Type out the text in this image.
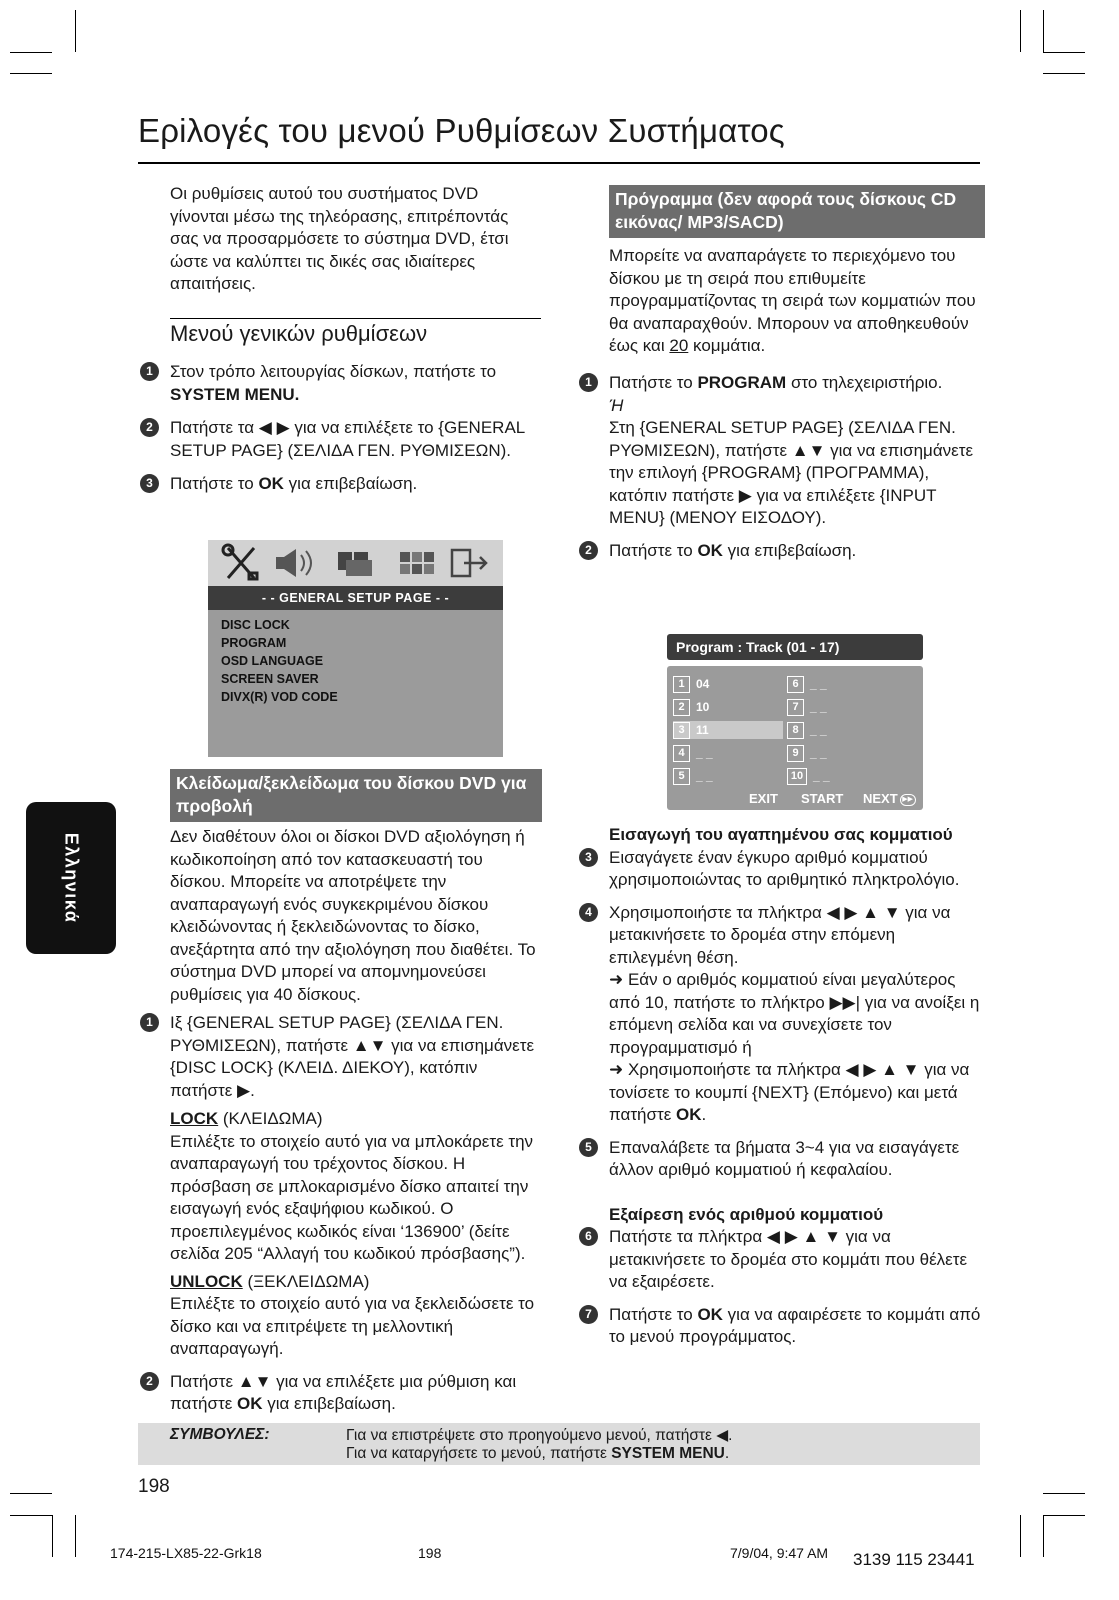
Ερiλογές του μενού Ρυθμίσεων Συστήματος
Οι ρυθμίσεις αυτού του συστήματος DVD γίνονται μέσω της τηλεόρασης, επιτρέποντάς σας να προσαρμόσετε το σύστημα DVD, έτσι ώστε να καλύπτει τις δικές σας ιδιαίτερες απαιτήσεις.
Μενού γενικών ρυθμίσεων
1	Στον τρόπο λειτουργίας δίσκων, πατήστε το SYSTEM MENU.
2	Πατήστε τα ◀ ▶ για να επιλέξετε το {GENERAL SETUP PAGE} (ΣΕΛΙΔΑ ΓΕΝ. ΡΥΘΜΙΣΕΩΝ).
3	Πατήστε το OK για επιβεβαίωση.
- - GENERAL SETUP PAGE - -
DISC LOCK
PROGRAM
OSD LANGUAGE
SCREEN SAVER
DIVX(R) VOD CODE
Κλείδωμα/ξεκλείδωμα του δίσκου DVD για προβολή
Δεν διαθέτουν όλοι οι δίσκοι DVD αξιολόγηση ή κωδικοποίηση από τον κατασκευαστή του δίσκου. Μπορείτε να αποτρέψετε την αναπαραγωγή ενός συγκεκριμένου δίσκου κλειδώνοντας ή ξεκλειδώνοντας το δίσκο, ανεξάρτητα από την αξιολόγηση που διαθέτει. Το σύστημα DVD μπορεί να απομνημονεύσει ρυθμίσεις για 40 δίσκους.
1	Ιξ {GENERAL SETUP PAGE} (ΣΕΛΙΔΑ ΓΕΝ. ΡΥΘΜΙΣΕΩΝ), πατήστε ▲▼ για να επισημάνετε {DISC LOCK} (ΚΛΕΙΔ. ΔΙΕΚΟΥ), κατόπιν πατήστε ▶.
LOCK (ΚΛΕΙΔΩΜΑ)
Επιλέξτε το στοιχείο αυτό για να μπλοκάρετε την αναπαραγωγή του τρέχοντος δίσκου. Η πρόσβαση σε μπλοκαρισμένο δίσκο απαιτεί την εισαγωγή ενός εξαψήφιου κωδικού. Ο προεπιλεγμένος κωδικός είναι ‘136900’ (δείτε σελίδα 205 “Αλλαγή του κωδικού πρόσβασης”).
UNLOCK (ΞΕΚΛΕΙΔΩΜΑ)
Επιλέξτε το στοιχείο αυτό για να ξεκλειδώσετε το δίσκο και να επιτρέψετε τη μελλοντική αναπαραγωγή.
2	Πατήστε ▲▼ για να επιλέξετε μια ρύθμιση και πατήστε OK για επιβεβαίωση.
Πρόγραμμα (δεν αφορά τους δίσκους CD εικόνας/ MP3/SACD)
Μπορείτε να αναπαράγετε το περιεχόμενο του δίσκου με τη σειρά που επιθυμείτε προγραμματίζοντας τη σειρά των κομματιών που θα αναπαραχθούν. Μπορουν να αποθηκευθούν έως και 20 κομμάτια.
1	Πατήστε το PROGRAM στο τηλεχειριστήριο.
Ή
Στη {GENERAL SETUP PAGE} (ΣΕΛΙΔΑ ΓΕΝ. ΡΥΘΜΙΣΕΩΝ), πατήστε ▲▼ για να επισημάνετε την επιλογή {PROGRAM} (ΠΡΟΓΡΑΜΜΑ), κατόπιν πατήστε ▶ για να επιλέξετε {INPUT MENU} (ΜΕΝΟΥ ΕΙΣΟΔΟΥ).
2	Πατήστε το OK για επιβεβαίωση.
Program : Track (01 - 17)
1 04
2 10
3 11
4 _ _
5 _ _
6 _ _
7 _ _
8 _ _
9 _ _
10 _ _
EXIT START NEXT ▶▶
Εισαγωγή του αγαπημένου σας κομματιού
3	Εισαγάγετε έναν έγκυρο αριθμό κομματιού χρησιμοποιώντας το αριθμητικό πληκτρολόγιο.
4	Χρησιμοποιήστε τα πλήκτρα ◀ ▶ ▲ ▼ για να μετακινήσετε το δρομέα στην επόμενη επιλεγμένη θέση.
➜ Εάν ο αριθμός κομματιού είναι μεγαλύτερος από 10, πατήστε το πλήκτρο ▶▶| για να ανοίξει η επόμενη σελίδα και να συνεχίσετε τον προγραμματισμό ή
➜ Χρησιμοποιήστε τα πλήκτρα ◀ ▶ ▲ ▼ για να τονίσετε το κουμπί {NEXT} (Επόμενο) και μετά πατήστε OK.
5	Επαναλάβετε τα βήματα 3~4 για να εισαγάγετε άλλον αριθμό κομματιού ή κεφαλαίου.
Εξαίρεση ενός αριθμού κομματιού
6	Πατήστε τα πλήκτρα ◀ ▶ ▲ ▼ για να μετακινήσετε το δρομέα στο κομμάτι που θέλετε να εξαιρέσετε.
7	Πατήστε το OK για να αφαιρέσετε το κομμάτι από το μενού προγράμματος.
ΣΥΜΒΟΥΛΕΣ:	Για να επιστρέψετε στο προηγούμενο μενού, πατήστε ◀.
Για να καταργήσετε το μενού, πατήστε SYSTEM MENU.
Ελληνικά
198
174-215-LX85-22-Grk18	198	7/9/04, 9:47 AM 3139 115 23441
